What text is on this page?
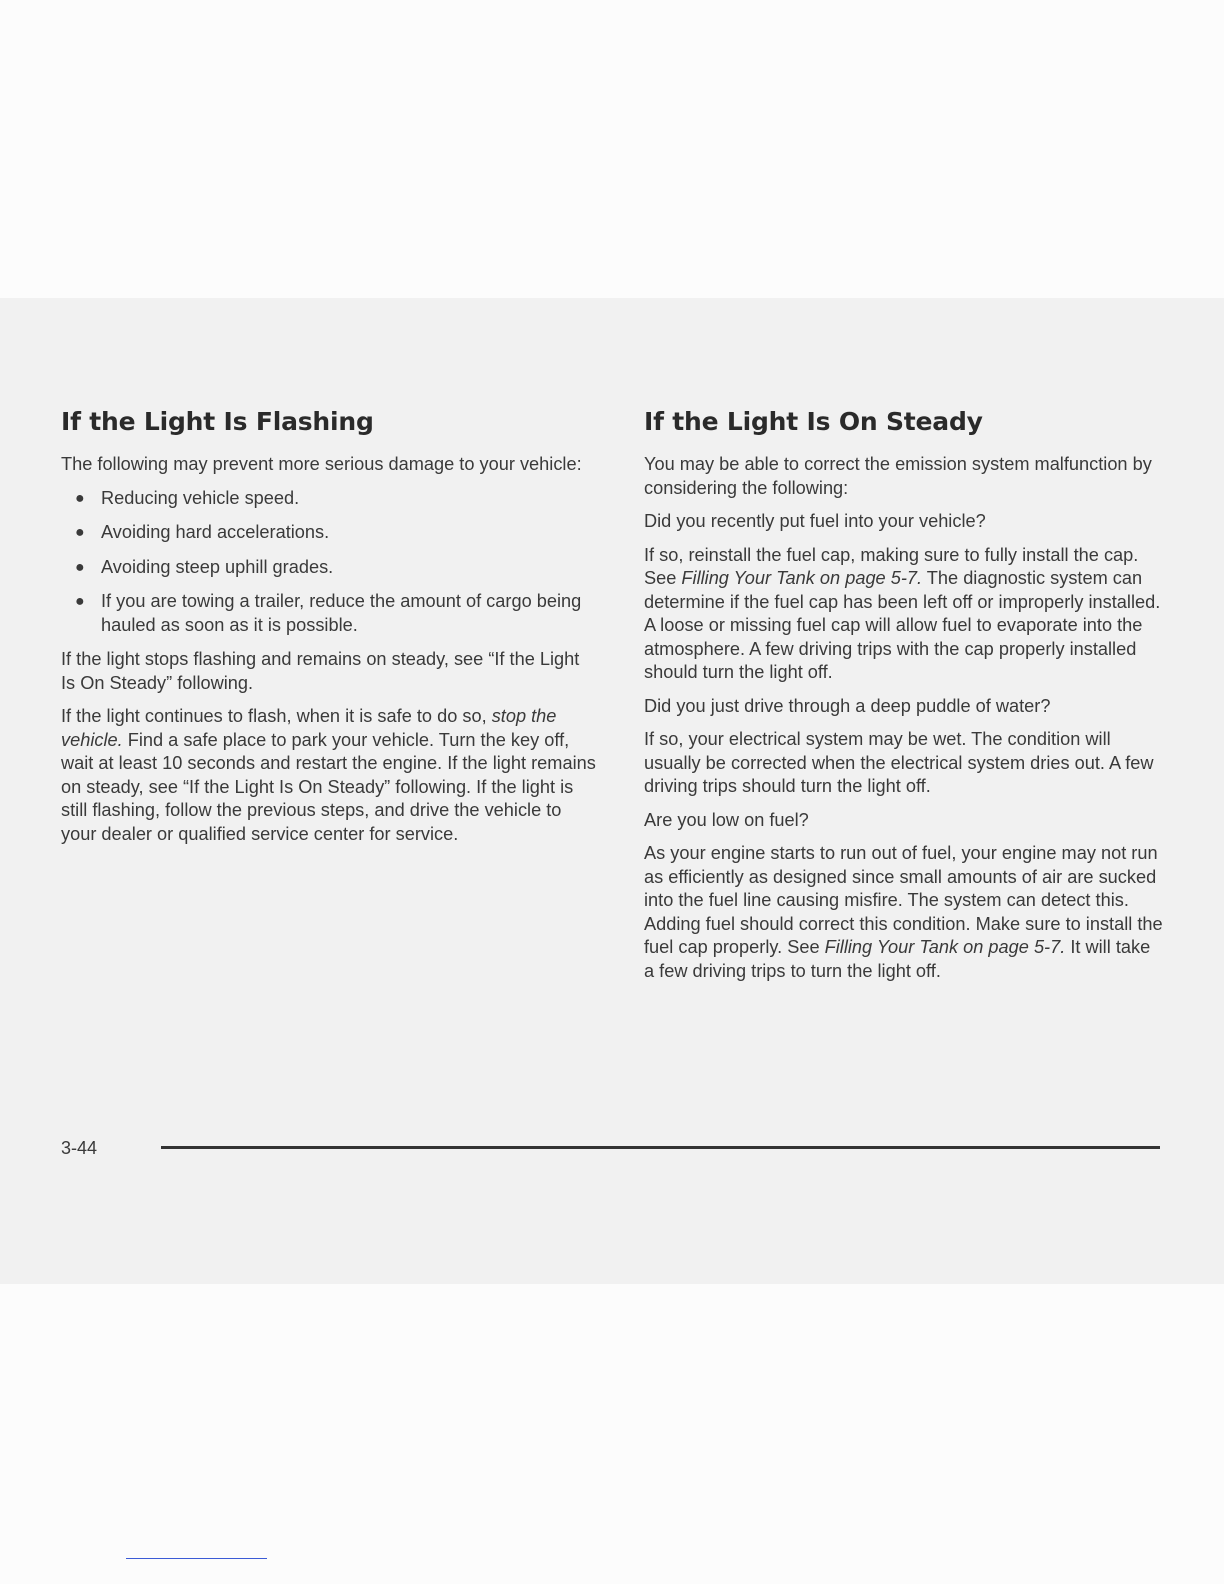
If the Light Is Flashing

The following may prevent more serious damage to your vehicle:

● Reducing vehicle speed.
● Avoiding hard accelerations.
● Avoiding steep uphill grades.
● If you are towing a trailer, reduce the amount of cargo being hauled as soon as it is possible.

If the light stops flashing and remains on steady, see “If the Light Is On Steady” following.

If the light continues to flash, when it is safe to do so, stop the vehicle. Find a safe place to park your vehicle. Turn the key off, wait at least 10 seconds and restart the engine. If the light remains on steady, see “If the Light Is On Steady” following. If the light is still flashing, follow the previous steps, and drive the vehicle to your dealer or qualified service center for service.

If the Light Is On Steady

You may be able to correct the emission system malfunction by considering the following:

Did you recently put fuel into your vehicle?

If so, reinstall the fuel cap, making sure to fully install the cap. See Filling Your Tank on page 5-7. The diagnostic system can determine if the fuel cap has been left off or improperly installed. A loose or missing fuel cap will allow fuel to evaporate into the atmosphere. A few driving trips with the cap properly installed should turn the light off.

Did you just drive through a deep puddle of water?

If so, your electrical system may be wet. The condition will usually be corrected when the electrical system dries out. A few driving trips should turn the light off.

Are you low on fuel?

As your engine starts to run out of fuel, your engine may not run as efficiently as designed since small amounts of air are sucked into the fuel line causing misfire. The system can detect this. Adding fuel should correct this condition. Make sure to install the fuel cap properly. See Filling Your Tank on page 5-7. It will take a few driving trips to turn the light off.

3-44
